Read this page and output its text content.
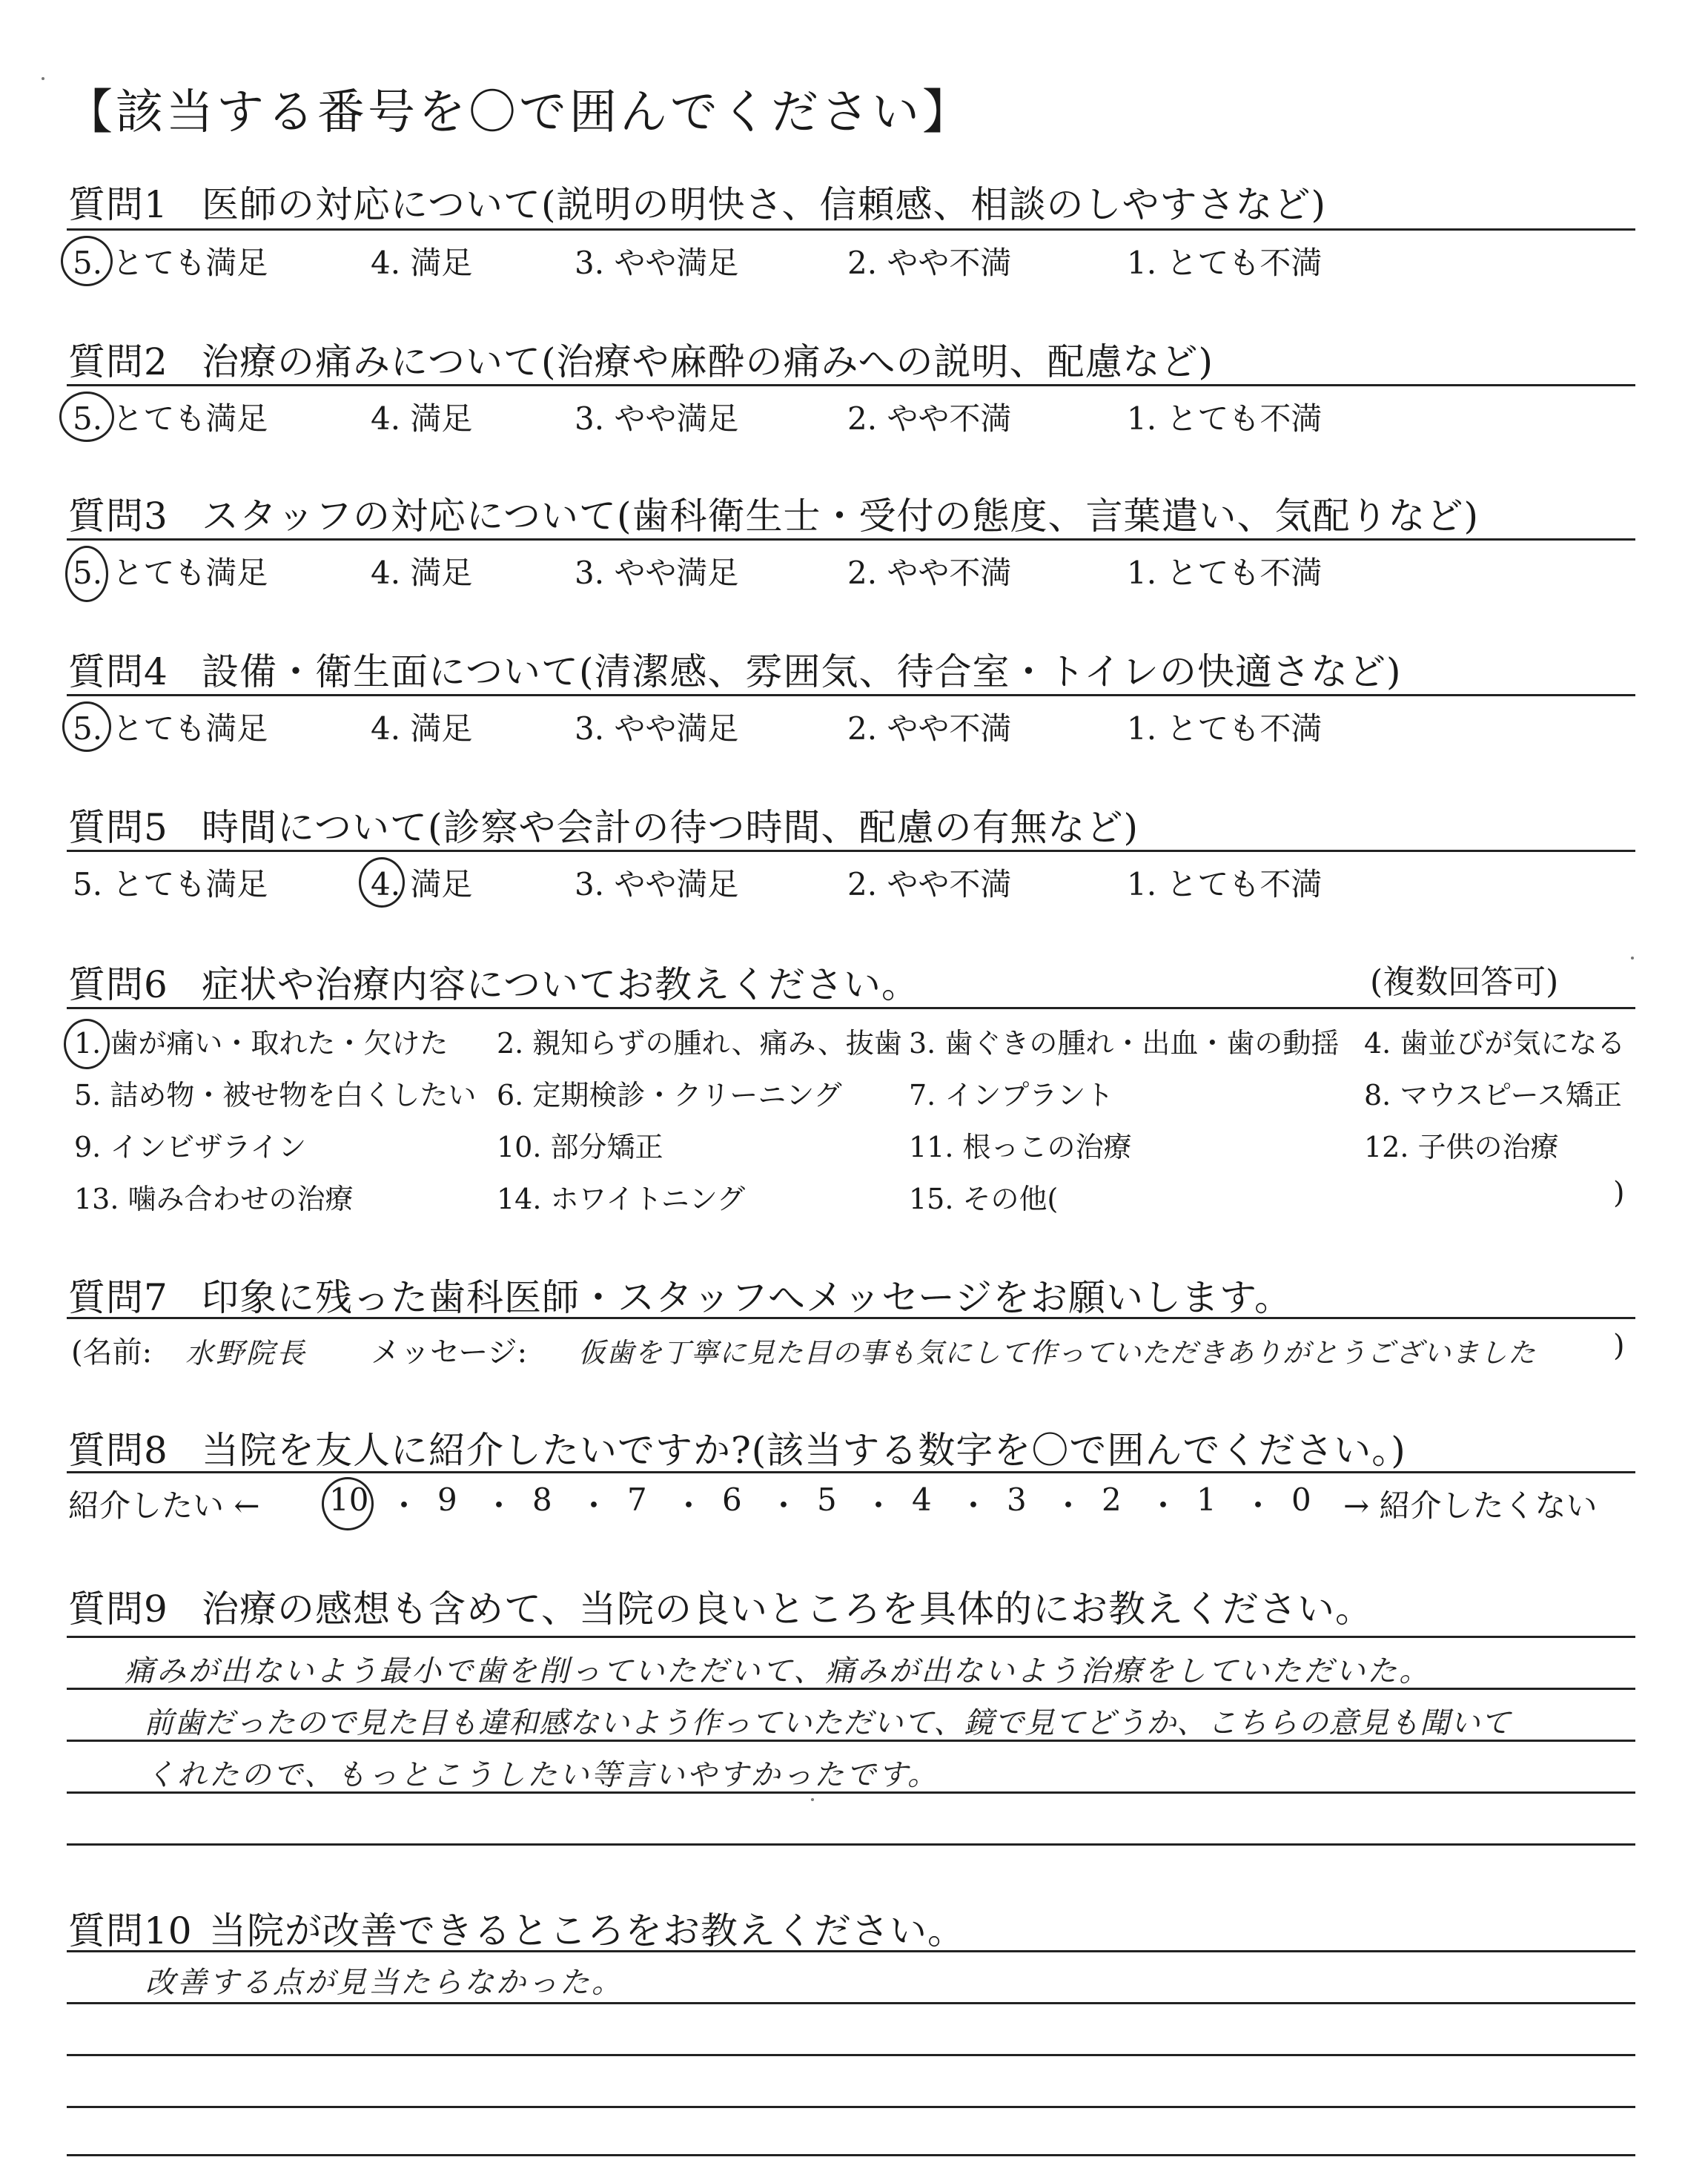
【該当する番号を〇で囲んでください】
質問1 医師の対応について(説明の明快さ、信頼感、相談のしやすさなど)
5. とても満足	4. 満足	3. やや満足	2. やや不満	1. とても不満
質問2 治療の痛みについて(治療や麻酔の痛みへの説明、配慮など)
5. とても満足	4. 満足	3. やや満足	2. やや不満	1. とても不満
質問3 スタッフの対応について(歯科衛生士・受付の態度、言葉遣い、気配りなど)
5. とても満足	4. 満足	3. やや満足	2. やや不満	1. とても不満
質問4 設備・衛生面について(清潔感、雰囲気、待合室・トイレの快適さなど)
5. とても満足	4. 満足	3. やや満足	2. やや不満	1. とても不満
質問5 時間について(診察や会計の待つ時間、配慮の有無など)
5. とても満足	4. 満足	3. やや満足	2. やや不満	1. とても不満
質問6 症状や治療内容についてお教えください。	(複数回答可)
1. 歯が痛い・取れた・欠けた 2. 親知らずの腫れ、痛み、抜歯 3. 歯ぐきの腫れ・出血・歯の動揺 4. 歯並びが気になる
5. 詰め物・被せ物を白くしたい 6. 定期検診・クリーニング 7. インプラント	8. マウスピース矯正
9. インビザライン	10. 部分矯正	11. 根っこの治療	12. 子供の治療
13. 噛み合わせの治療	14. ホワイトニング	15. その他(	)
質問7 印象に残った歯科医師・スタッフへメッセージをお願いします。
(名前: 水野院長 メッセージ: 仮歯を丁寧に見た目の事も気にして作っていただきありがとうございました	)
質問8 当院を友人に紹介したいですか?(該当する数字を〇で囲んでください。)
紹介したい ←	→ 紹介したくない
10 ・ 9 ・ 8 ・ 7 ・ 6 ・ 5 ・ 4 ・ 3 ・ 2 ・ 1 ・ 0
質問9 治療の感想も含めて、当院の良いところを具体的にお教えください。
痛みが出ないよう最小で歯を削っていただいて、痛みが出ないよう治療をしていただいた。
前歯だったので見た目も違和感ないよう作っていただいて、鏡で見てどうか、こちらの意見も聞いて
くれたので、もっとこうしたい等言いやすかったです。
質問10 当院が改善できるところをお教えください。
改善する点が見当たらなかった。
